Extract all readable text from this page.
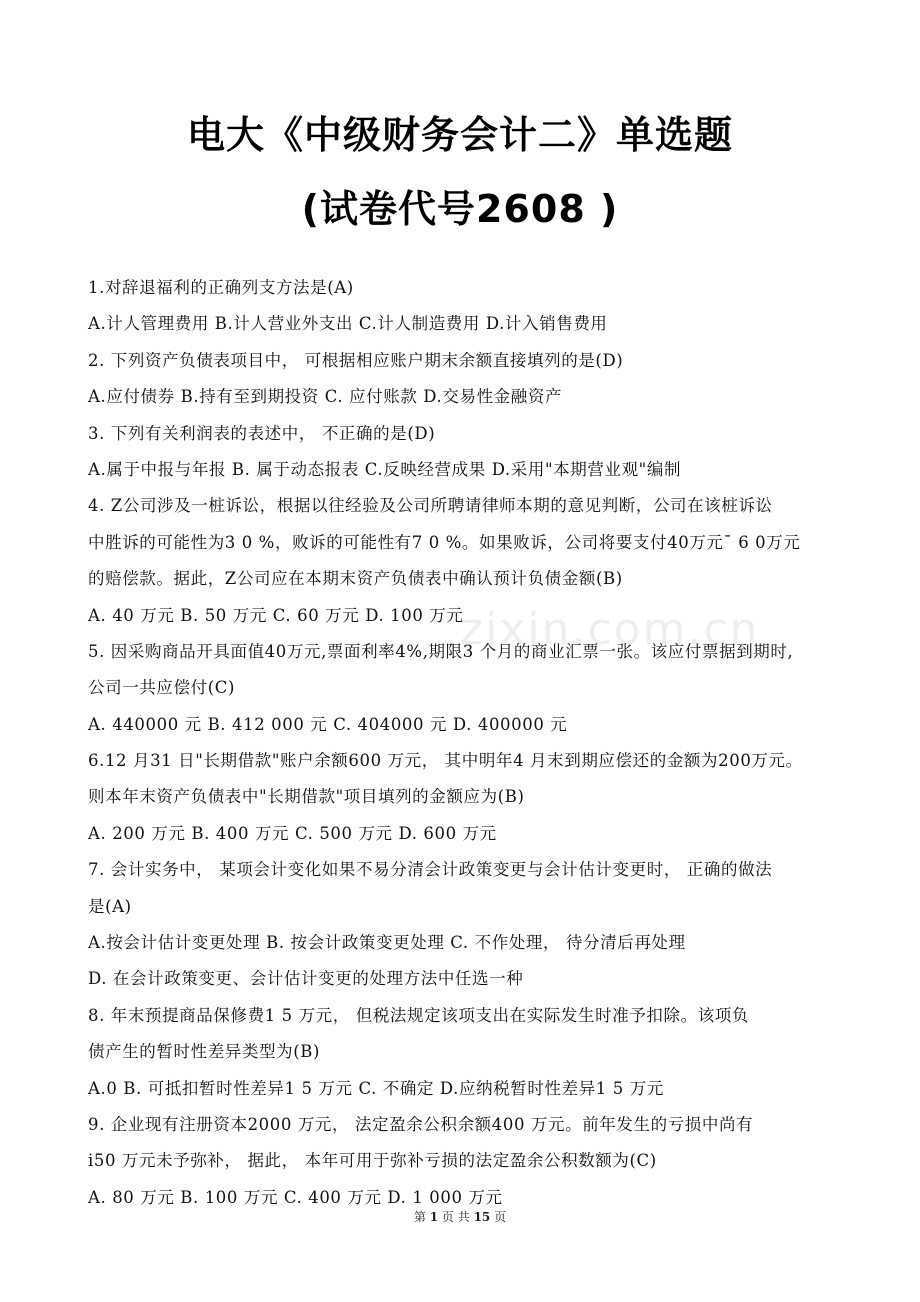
电大《中级财务会计二》单选题
(试卷代号2608 )
zixin.com.cn
1.对辞退福利的正确列支方法是(A)
A.计人管理费用 B.计人营业外支出 C.计人制造费用 D.计入销售费用
2. 下列资产负债表项目中， 可根据相应账户期末余额直接填列的是(D)
A.应付债券 B.持有至到期投资 C. 应付账款 D.交易性金融资产
3. 下列有关利润表的表述中， 不正确的是(D)
A.属于中报与年报 B. 属于动态报表 C.反映经营成果 D.采用"本期营业观"编制
4. Z公司涉及一桩诉讼，根据以往经验及公司所聘请律师本期的意见判断，公司在该桩诉讼
中胜诉的可能性为3 0 %，败诉的可能性有7 0 %。如果败诉，公司将要支付40万元¯ 6 0万元
的赔偿款。据此，Z公司应在本期末资产负债表中确认预计负债金额(B)
A. 40 万元 B. 50 万元 C. 60 万元 D. 100 万元
5. 因采购商品开具面值40万元,票面利率4%,期限3 个月的商业汇票一张。该应付票据到期时,
公司一共应偿付(C)
A. 440000 元 B. 412 000 元 C. 404000 元 D. 400000 元
6.12 月31 日"长期借款"账户余额600 万元， 其中明年4 月末到期应偿还的金额为200万元。
则本年末资产负债表中"长期借款"项目填列的金额应为(B)
A. 200 万元 B. 400 万元 C. 500 万元 D. 600 万元
7. 会计实务中， 某项会计变化如果不易分清会计政策变更与会计估计变更时， 正确的做法
是(A)
A.按会计估计变更处理 B. 按会计政策变更处理 C. 不作处理， 待分清后再处理
D. 在会计政策变更、会计估计变更的处理方法中任选一种
8. 年末预提商品保修费1 5 万元， 但税法规定该项支出在实际发生时准予扣除。该项负
债产生的暂时性差异类型为(B)
A.0 B. 可抵扣暂时性差异1 5 万元 C. 不确定 D.应纳税暂时性差异1 5 万元
9. 企业现有注册资本2000 万元， 法定盈余公积余额400 万元。前年发生的亏损中尚有
i50 万元未予弥补， 据此， 本年可用于弥补亏损的法定盈余公积数额为(C)
A. 80 万元 B. 100 万元 C. 400 万元 D. 1 000 万元
第 1 页 共 15 页
